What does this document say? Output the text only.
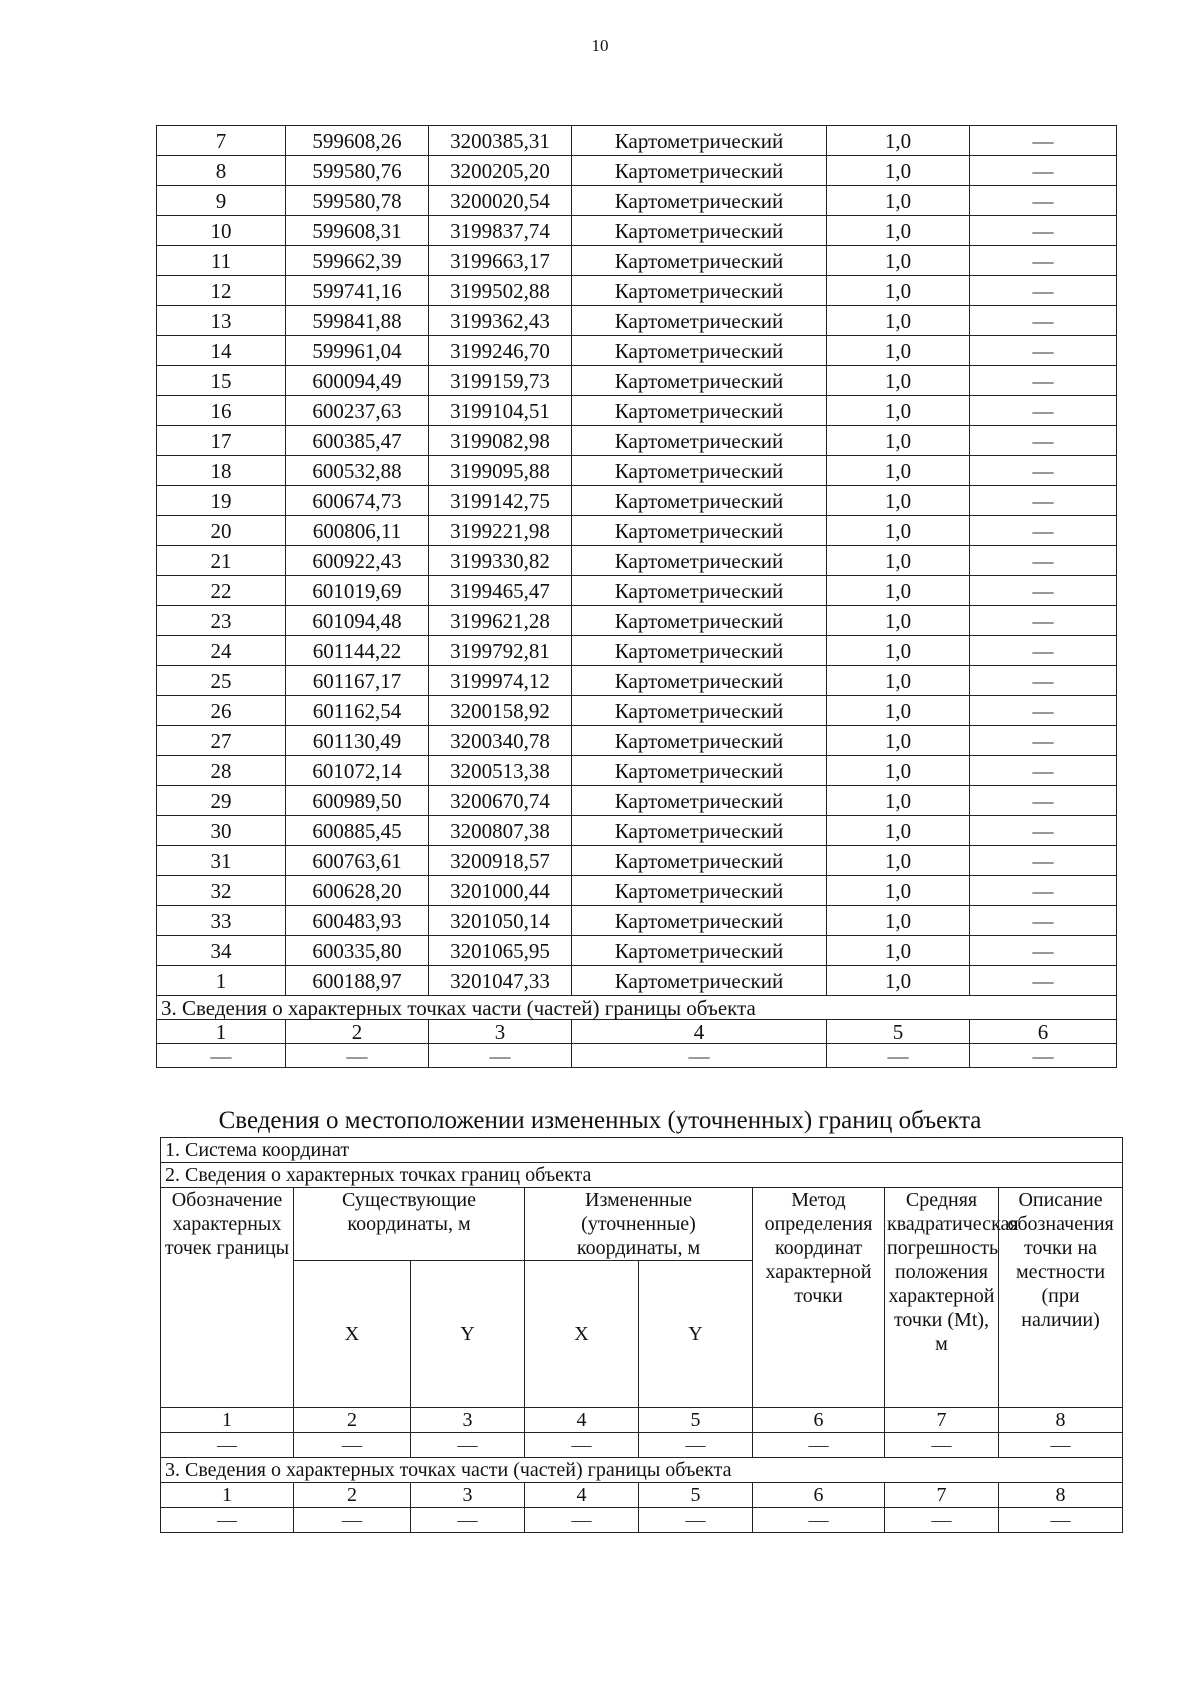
10
7	599608,26	3200385,31	Картометрический	1,0	—
8	599580,76	3200205,20	Картометрический	1,0	—
9	599580,78	3200020,54	Картометрический	1,0	—
10	599608,31	3199837,74	Картометрический	1,0	—
11	599662,39	3199663,17	Картометрический	1,0	—
12	599741,16	3199502,88	Картометрический	1,0	—
13	599841,88	3199362,43	Картометрический	1,0	—
14	599961,04	3199246,70	Картометрический	1,0	—
15	600094,49	3199159,73	Картометрический	1,0	—
16	600237,63	3199104,51	Картометрический	1,0	—
17	600385,47	3199082,98	Картометрический	1,0	—
18	600532,88	3199095,88	Картометрический	1,0	—
19	600674,73	3199142,75	Картометрический	1,0	—
20	600806,11	3199221,98	Картометрический	1,0	—
21	600922,43	3199330,82	Картометрический	1,0	—
22	601019,69	3199465,47	Картометрический	1,0	—
23	601094,48	3199621,28	Картометрический	1,0	—
24	601144,22	3199792,81	Картометрический	1,0	—
25	601167,17	3199974,12	Картометрический	1,0	—
26	601162,54	3200158,92	Картометрический	1,0	—
27	601130,49	3200340,78	Картометрический	1,0	—
28	601072,14	3200513,38	Картометрический	1,0	—
29	600989,50	3200670,74	Картометрический	1,0	—
30	600885,45	3200807,38	Картометрический	1,0	—
31	600763,61	3200918,57	Картометрический	1,0	—
32	600628,20	3201000,44	Картометрический	1,0	—
33	600483,93	3201050,14	Картометрический	1,0	—
34	600335,80	3201065,95	Картометрический	1,0	—
1	600188,97	3201047,33	Картометрический	1,0	—
3. Сведения о характерных точках части (частей) границы объекта					
1	2	3	4	5	6
—	—	—	—	—	—
Сведения о местоположении измененных (уточненных) границ объекта
1. Система координат							
2. Сведения о характерных точках границ объекта							
Обозначение характерных точек границы	Существующие координаты, м		Измененные (уточненные) координаты, м		Метод определения координат характерной точки	Средняя квадратическая погрешность положения характерной точки (Mt), м	Описание обозначения точки на местности (при наличии)
	X	Y	X	Y			
1	2	3	4	5	6	7	8
—	—	—	—	—	—	—	—
3. Сведения о характерных точках части (частей) границы объекта							
1	2	3	4	5	6	7	8
—	—	—	—	—	—	—	—
